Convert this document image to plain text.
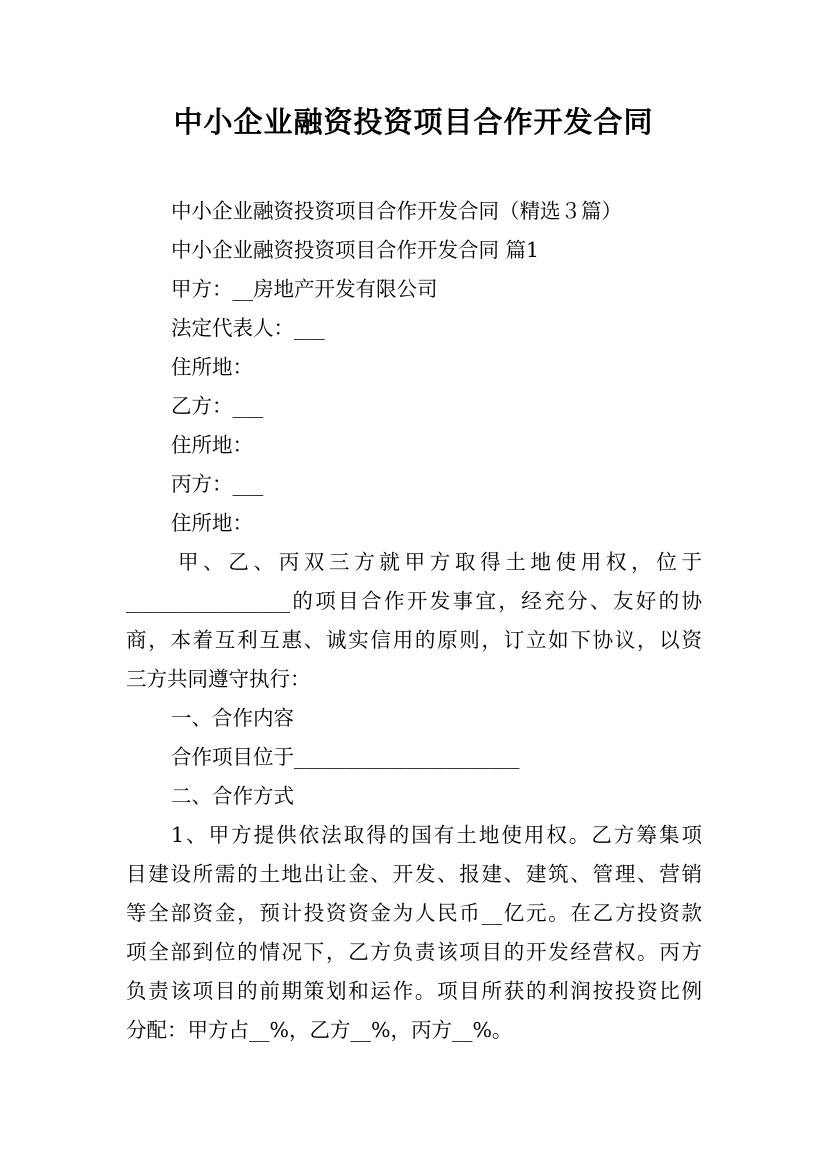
中小企业融资投资项目合作开发合同

中小企业融资投资项目合作开发合同（精选３篇）

中小企业融资投资项目合作开发合同 篇1

甲方：__房地产开发有限公司

法定代表人：___

住所地：

乙方：___

住所地：

丙方：___

住所地：

甲、乙、丙双三方就甲方取得土地使用权，位于

________________的项目合作开发事宜，经充分、友好的协

商，本着互利互惠、诚实信用的原则，订立如下协议，以资

三方共同遵守执行：

一、合作内容

合作项目位于______________________

二、合作方式

1、甲方提供依法取得的国有土地使用权。乙方筹集项

目建设所需的土地出让金、开发、报建、建筑、管理、营销

等全部资金，预计投资资金为人民币__亿元。在乙方投资款

项全部到位的情况下，乙方负责该项目的开发经营权。丙方

负责该项目的前期策划和运作。项目所获的利润按投资比例

分配：甲方占__%，乙方__%，丙方__%。
